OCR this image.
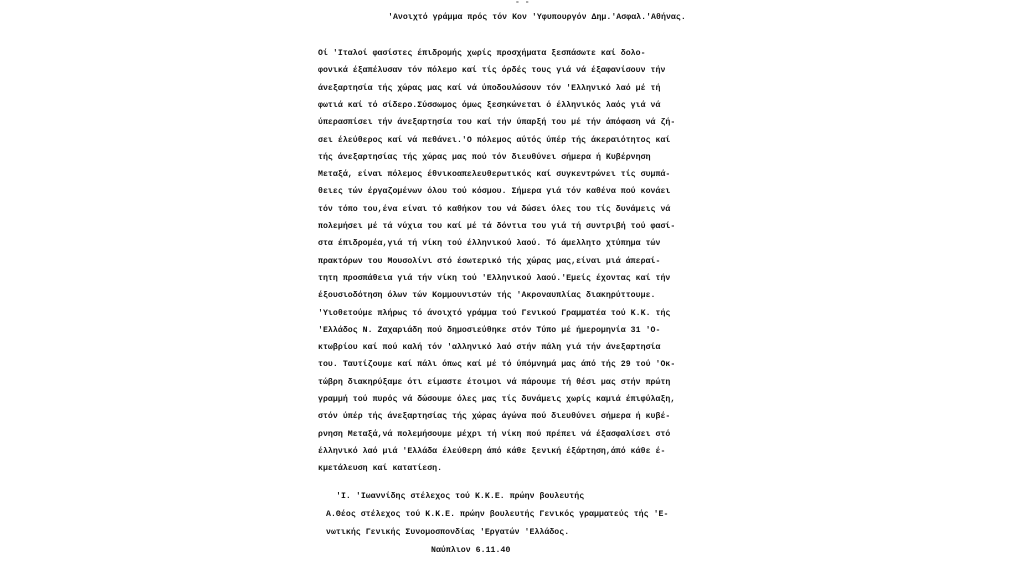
- -
'Ανοιχτό γράμμα πρός τόν Κον 'Υφυπουργόν Δημ.'Ασφαλ.'Αθήνας.
Οί 'Ιταλοί φασίστες έπιδρομής χωρίς προσχήματα ξεσπάσωτε καί δολο-
φονικά έξαπέλυσαν τόν πόλεμο καί τίς όρδές τους γιά νά έξαφανίσουν τήν
άνεξαρτησία τής χώρας μας καί νά ύποδουλώσουν τόν 'Ελληνικό λαό μέ τή
φωτιά καί τό σίδερο.Σύσσωμος όμως ξεσηκώνεται ό έλληνικός λαός γιά νά
ύπερασπίσει τήν άνεξαρτησία του καί τήν ύπαρξή του μέ τήν άπόφαση νά ζή-
σει έλεύθερος καί νά πεθάνει.'Ο πόλεμος αύτός ύπέρ τής άκεραιότητος καί
τής άνεξαρτησίας τής χώρας μας πού τόν διευθύνει σήμερα ή Κυβέρνηση
Μεταξά, είναι πόλεμος έθνικοαπελευθερωτικός καί συγκεντρώνει τίς συμπά-
θειες τών έργαζομένων όλου τού κόσμου. Σήμερα γιά τόν καθένα πού κονάει
τόν τόπο του,ένα είναι τό καθήκον του νά δώσει όλες του τίς δυνάμεις νά
πολεμήσει μέ τά νύχια του καί μέ τά δόντια του γιά τή συντριβή τού φασί-
στα έπιδρομέα,γιά τή νίκη τού έλληνικού λαού. Τό άμελλητο χτύπημα τών
πρακτόρων του Μουσολίνι στό έσωτερικό τής χώρας μας,είναι μιά άπεραί-
τητη προσπάθεια γιά τήν νίκη τού 'Ελληνικού λαού.'Εμείς έχοντας καί τήν
έξουσιοδότηση όλων τών Κομμουνιστών τής 'Ακροναυπλίας διακηρύττουμε.
'Υιοθετούμε πλήρως τό άνοιχτό γράμμα τού Γενικού Γραμματέα τού Κ.Κ. τής
'Ελλάδος Ν. Ζαχαριάδη πού δημοσιεύθηκε στόν Τύπο μέ ήμερομηνία 31 'Ο-
κτωβρίου καί πού καλή τόν 'αλληνικό λαό στήν πάλη γιά τήν άνεξαρτησία
του. Ταυτίζουμε καί πάλι όπως καί μέ τό ύπόμνημά μας άπό τής 29 τού 'Οκ-
τώβρη διακηρύξαμε ότι είμαστε έτοιμοι νά πάρουμε τή θέσι μας στήν πρώτη
γραμμή τού πυρός νά δώσουμε όλες μας τίς δυνάμεις χωρίς καμιά έπιφύλαξη,
στόν ύπέρ τής άνεξαρτησίας τής χώρας άγώνα πού διευθύνει σήμερα ή κυβέ-
ρνηση Μεταξά,νά πολεμήσουμε μέχρι τή νίκη πού πρέπει νά έξασφαλίσει στό
έλληνικό λαό μιά 'Ελλάδα έλεύθερη άπό κάθε ξενική έξάρτηση,άπό κάθε έ-
κμετάλευση καί κατατίεση.
'Ι. 'Ιωαννίδης στέλεχος τού Κ.Κ.Ε. πρώην βουλευτής
Α.Θέος στέλεχος τού Κ.Κ.Ε. πρώην βουλευτής Γενικός γραμματεύς τής 'Ε-
νωτικής Γενικής Συνομοσπονδίας 'Εργατών 'Ελλάδος.
Ναύπλιον 6.11.40
